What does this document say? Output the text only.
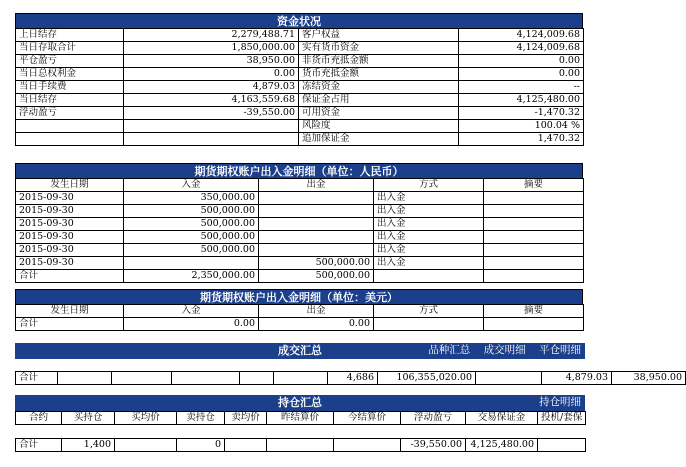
资金状况
上日结存	2,279,488.71	客户权益	4,124,009.68
当日存取合计	1,850,000.00	实有货币资金	4,124,009.68
平仓盈亏	38,950.00	非货币充抵金额	0.00
当日总权利金	0.00	货币充抵金额	0.00
当日手续费	4,879.03	冻结资金	--
当日结存	4,163,559.68	保证金占用	4,125,480.00
浮动盈亏	-39,550.00	可用资金	-1,470.32
		风险度	100.04 %
		追加保证金	1,470.32
期货期权账户出入金明细（单位：人民币）
发生日期	入金	出金	方式	摘要
2015-09-30	350,000.00		出入金	
2015-09-30	500,000.00		出入金	
2015-09-30	500,000.00		出入金	
2015-09-30	500,000.00		出入金	
2015-09-30	500,000.00		出入金	
2015-09-30		500,000.00	出入金	
合计	2,350,000.00	500,000.00		
期货期权账户出入金明细（单位：美元）
发生日期	入金	出金	方式	摘要
合计	0.00	0.00		
成交汇总	品种汇总 成交明细 平仓明细
合计						4,686	106,355,020.00		4,879.03	38,950.00
持仓汇总	持仓明细
合约	买持仓	买均价	卖持仓	卖均价	昨结算价	今结算价	浮动盈亏	交易保证金	投机/套保
合计	1,400		0				-39,550.00	4,125,480.00	
